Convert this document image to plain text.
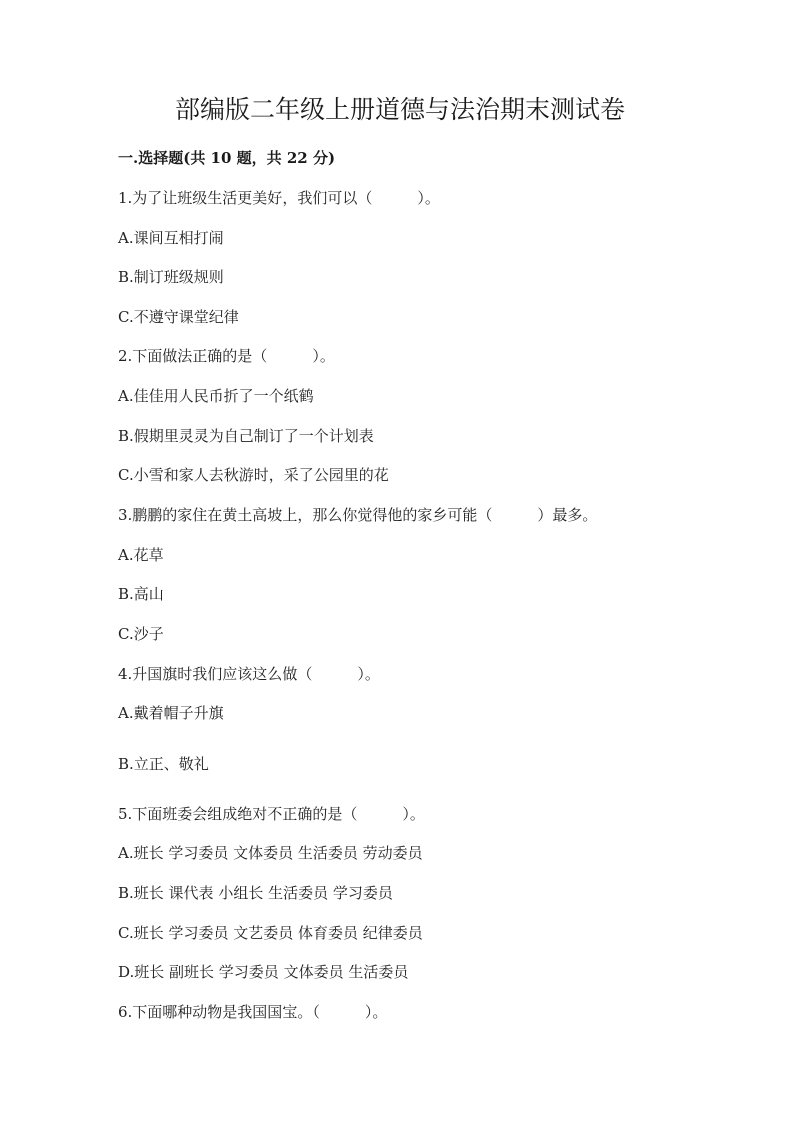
部编版二年级上册道德与法治期末测试卷
一.选择题(共 10 题，共 22 分)
1.为了让班级生活更美好，我们可以（　　　）。
A.课间互相打闹
B.制订班级规则
C.不遵守课堂纪律
2.下面做法正确的是（　　　）。
A.佳佳用人民币折了一个纸鹤
B.假期里灵灵为自己制订了一个计划表
C.小雪和家人去秋游时，采了公园里的花
3.鹏鹏的家住在黄土高坡上，那么你觉得他的家乡可能（　　　）最多。
A.花草
B.高山
C.沙子
4.升国旗时我们应该这么做（　　　）。
A.戴着帽子升旗
B.立正、敬礼
5.下面班委会组成绝对不正确的是（　　　）。
A.班长 学习委员 文体委员 生活委员 劳动委员
B.班长 课代表 小组长 生活委员 学习委员
C.班长 学习委员 文艺委员 体育委员 纪律委员
D.班长 副班长 学习委员 文体委员 生活委员
6.下面哪种动物是我国国宝。（　　　）。
